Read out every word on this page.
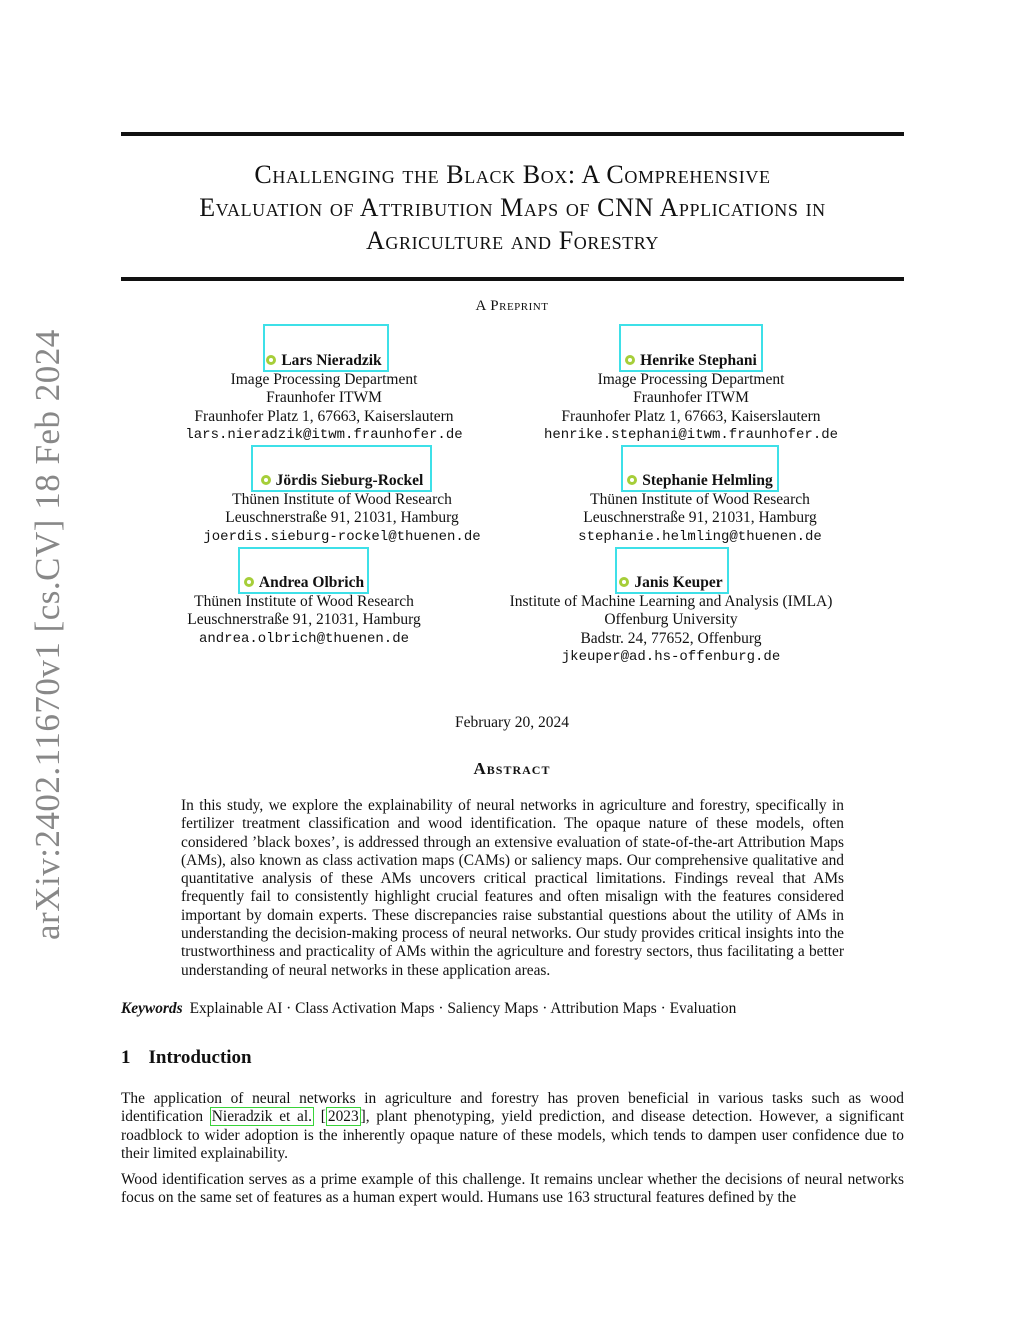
arXiv:2402.11670v1 [cs.CV] 18 Feb 2024
Challenging the Black Box: A Comprehensive
Evaluation of Attribution Maps of CNN Applications in
Agriculture and Forestry
A Preprint
Lars Nieradzik
Image Processing Department
Fraunhofer ITWM
Fraunhofer Platz 1, 67663, Kaiserslautern
lars.nieradzik@itwm.fraunhofer.de
Henrike Stephani
Image Processing Department
Fraunhofer ITWM
Fraunhofer Platz 1, 67663, Kaiserslautern
henrike.stephani@itwm.fraunhofer.de
Jördis Sieburg-Rockel
Thünen Institute of Wood Research
Leuschnerstraße 91, 21031, Hamburg
joerdis.sieburg-rockel@thuenen.de
Stephanie Helmling
Thünen Institute of Wood Research
Leuschnerstraße 91, 21031, Hamburg
stephanie.helmling@thuenen.de
Andrea Olbrich
Thünen Institute of Wood Research
Leuschnerstraße 91, 21031, Hamburg
andrea.olbrich@thuenen.de
Janis Keuper
Institute of Machine Learning and Analysis (IMLA)
Offenburg University
Badstr. 24, 77652, Offenburg
jkeuper@ad.hs-offenburg.de
February 20, 2024
Abstract
In this study, we explore the explainability of neural networks in agriculture and forestry, specifically in fertilizer treatment classification and wood identification. The opaque nature of these models, often considered ’black boxes’, is addressed through an extensive evaluation of state-of-the-art Attribution Maps (AMs), also known as class activation maps (CAMs) or saliency maps. Our comprehensive qualitative and quantitative analysis of these AMs uncovers critical practical limitations. Findings reveal that AMs frequently fail to consistently highlight crucial features and often misalign with the features considered important by domain experts. These discrepancies raise substantial questions about the utility of AMs in understanding the decision-making process of neural networks. Our study provides critical insights into the trustworthiness and practicality of AMs within the agriculture and forestry sectors, thus facilitating a better understanding of neural networks in these application areas.
Keywords Explainable AI · Class Activation Maps · Saliency Maps · Attribution Maps · Evaluation
1 Introduction
The application of neural networks in agriculture and forestry has proven beneficial in various tasks such as wood identification Nieradzik et al. [ 2023 ], plant phenotyping, yield prediction, and disease detection. However, a significant roadblock to wider adoption is the inherently opaque nature of these models, which tends to dampen user confidence due to their limited explainability.
Wood identification serves as a prime example of this challenge. It remains unclear whether the decisions of neural networks focus on the same set of features as a human expert would. Humans use 163 structural features defined by the
